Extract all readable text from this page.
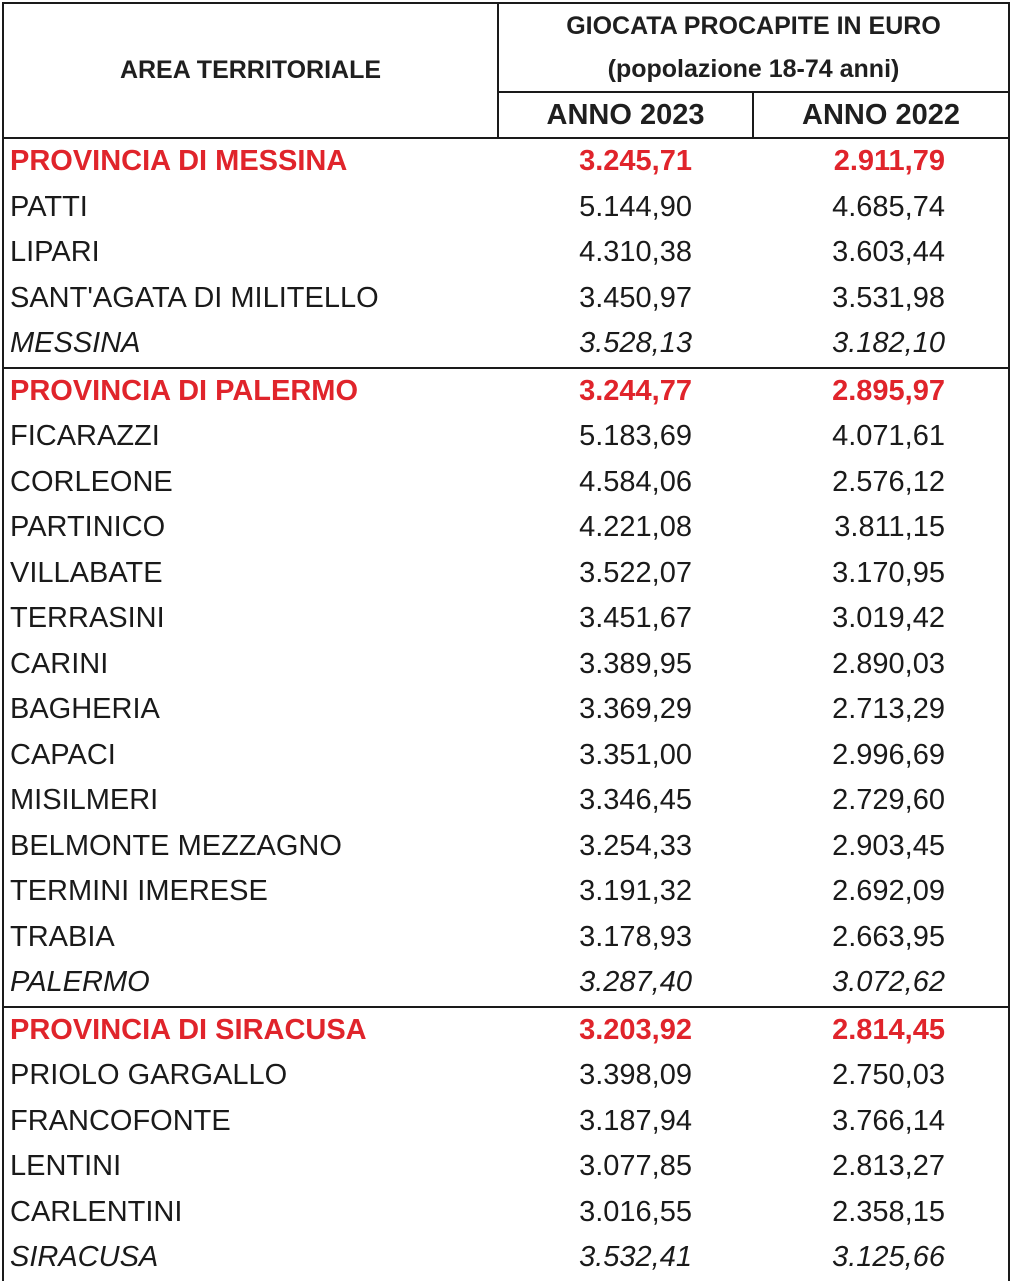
AREA TERRITORIALE	GIOCATA PROCAPITE IN EURO
(popolazione 18-74 anni)	

	ANNO 2023	ANNO 2022
PROVINCIA DI MESSINA	3.245,71	2.911,79
PATTI	5.144,90	4.685,74
LIPARI	4.310,38	3.603,44
SANT'AGATA DI MILITELLO	3.450,97	3.531,98
MESSINA	3.528,13	3.182,10
PROVINCIA DI PALERMO	3.244,77	2.895,97
FICARAZZI	5.183,69	4.071,61
CORLEONE	4.584,06	2.576,12
PARTINICO	4.221,08	3.811,15
VILLABATE	3.522,07	3.170,95
TERRASINI	3.451,67	3.019,42
CARINI	3.389,95	2.890,03
BAGHERIA	3.369,29	2.713,29
CAPACI	3.351,00	2.996,69
MISILMERI	3.346,45	2.729,60
BELMONTE MEZZAGNO	3.254,33	2.903,45
TERMINI IMERESE	3.191,32	2.692,09
TRABIA	3.178,93	2.663,95
PALERMO	3.287,40	3.072,62
PROVINCIA DI SIRACUSA	3.203,92	2.814,45
PRIOLO GARGALLO	3.398,09	2.750,03
FRANCOFONTE	3.187,94	3.766,14
LENTINI	3.077,85	2.813,27
CARLENTINI	3.016,55	2.358,15
SIRACUSA	3.532,41	3.125,66
